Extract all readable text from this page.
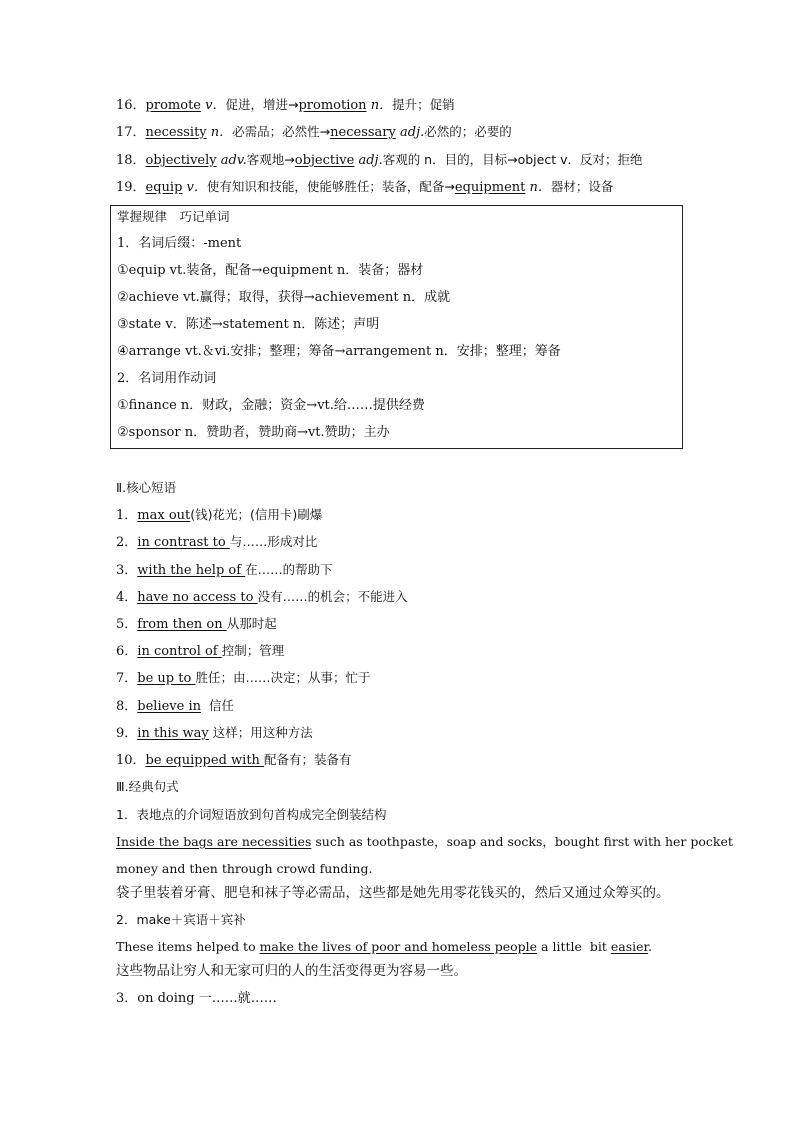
16．promote v．促进，增进→promotion n．提升；促销
17．necessity n．必需品；必然性→necessary adj.必然的；必要的
18．objectively adv.客观地→objective adj.客观的 n．目的，目标→object v．反对；拒绝
19．equip v．使有知识和技能，使能够胜任；装备，配备→equipment n．器材；设备
掌握规律　巧记单词
1．名词后缀：-ment
①equip vt.装备，配备→equipment n．装备；器材
②achieve vt.赢得；取得，获得→achievement n．成就
③state v．陈述→statement n．陈述；声明
④arrange vt.＆vi.安排；整理；筹备→arrangement n．安排；整理；筹备
2．名词用作动词
①finance n．财政，金融；资金→vt.给……提供经费
②sponsor n．赞助者，赞助商→vt.赞助；主办
Ⅱ.核心短语
1．max out(钱)花光；(信用卡)刷爆
2．in contrast to 与……形成对比
3．with the help of 在……的帮助下
4．have no access to 没有……的机会；不能进入
5．from then on 从那时起
6．in control of 控制；管理
7．be up to 胜任；由……决定；从事；忙于
8．believe in  信任
9．in this way 这样；用这种方法
10．be equipped with 配备有；装备有
Ⅲ.经典句式
1．表地点的介词短语放到句首构成完全倒装结构
Inside the bags are necessities such as toothpaste，soap and socks，bought first with her pocket
money and then through crowd funding.
袋子里装着牙膏、肥皂和袜子等必需品，这些都是她先用零花钱买的，然后又通过众筹买的。
2．make＋宾语＋宾补
These items helped to make the lives of poor and homeless people a little  bit easier.
这些物品让穷人和无家可归的人的生活变得更为容易一些。
3．on doing 一……就……
